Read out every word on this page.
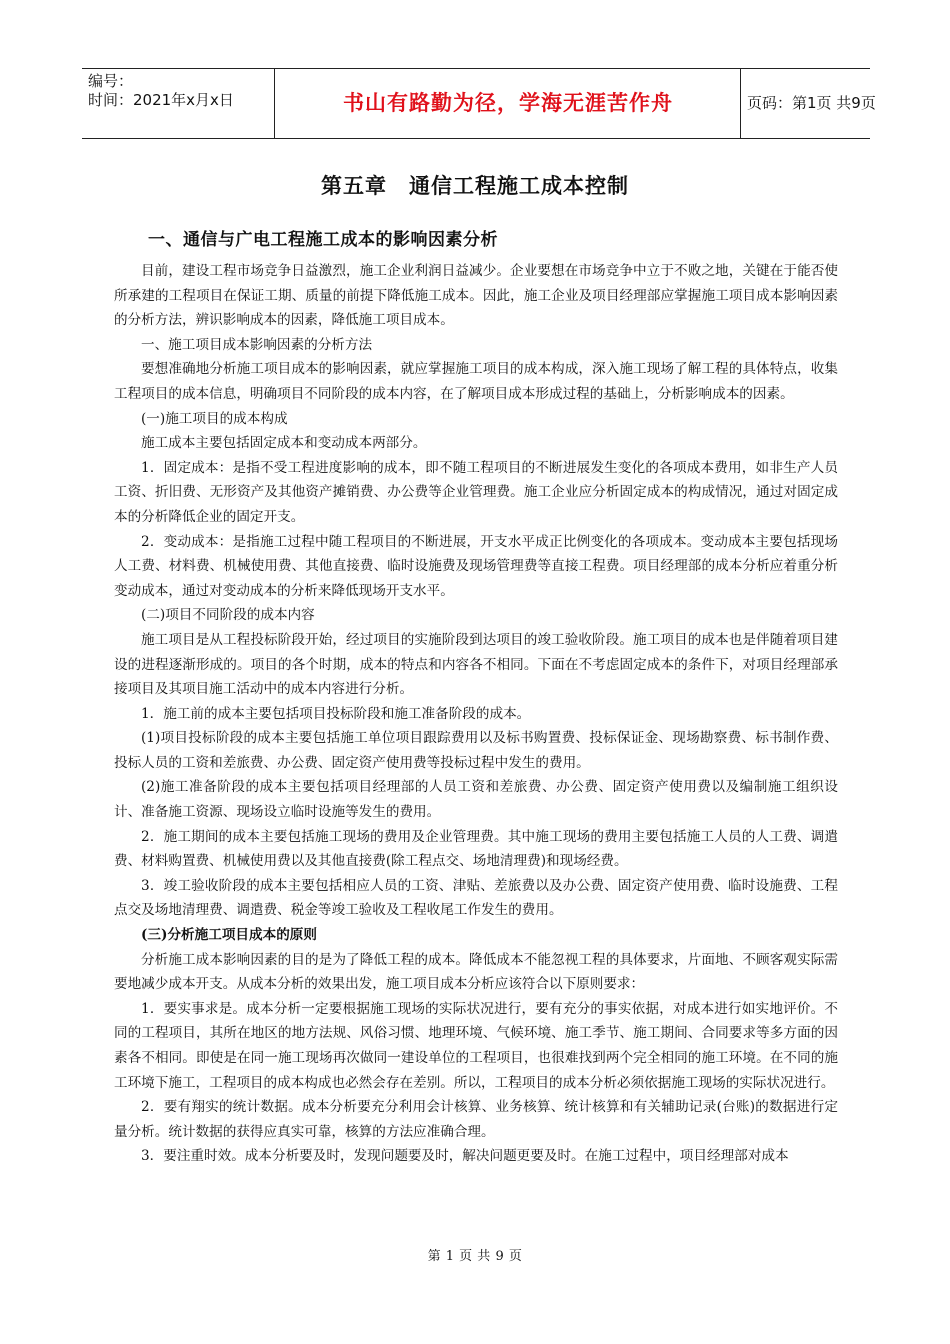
编号：
时间：2021年x月x日	书山有路勤为径，学海无涯苦作舟	页码：第1页 共9页
第五章　通信工程施工成本控制
一、通信与广电工程施工成本的影响因素分析

目前，建设工程市场竞争日益激烈，施工企业利润日益减少。企业要想在市场竞争中立于不败之地，关键在于能否使所承建的工程项目在保证工期、质量的前提下降低施工成本。因此，施工企业及项目经理部应掌握施工项目成本影响因素的分析方法，辨识影响成本的因素，降低施工项目成本。

一、施工项目成本影响因素的分析方法

要想准确地分析施工项目成本的影响因素，就应掌握施工项目的成本构成，深入施工现场了解工程的具体特点，收集工程项目的成本信息，明确项目不同阶段的成本内容，在了解项目成本形成过程的基础上，分析影响成本的因素。

(一)施工项目的成本构成

施工成本主要包括固定成本和变动成本两部分。

1．固定成本：是指不受工程进度影响的成本，即不随工程项目的不断进展发生变化的各项成本费用，如非生产人员工资、折旧费、无形资产及其他资产摊销费、办公费等企业管理费。施工企业应分析固定成本的构成情况，通过对固定成本的分析降低企业的固定开支。

2．变动成本：是指施工过程中随工程项目的不断进展，开支水平成正比例变化的各项成本。变动成本主要包括现场人工费、材料费、机械使用费、其他直接费、临时设施费及现场管理费等直接工程费。项目经理部的成本分析应着重分析变动成本，通过对变动成本的分析来降低现场开支水平。

(二)项目不同阶段的成本内容

施工项目是从工程投标阶段开始，经过项目的实施阶段到达项目的竣工验收阶段。施工项目的成本也是伴随着项目建设的进程逐渐形成的。项目的各个时期，成本的特点和内容各不相同。下面在不考虑固定成本的条件下，对项目经理部承接项目及其项目施工活动中的成本内容进行分析。

1．施工前的成本主要包括项目投标阶段和施工准备阶段的成本。

(1)项目投标阶段的成本主要包括施工单位项目跟踪费用以及标书购置费、投标保证金、现场勘察费、标书制作费、投标人员的工资和差旅费、办公费、固定资产使用费等投标过程中发生的费用。

(2)施工准备阶段的成本主要包括项目经理部的人员工资和差旅费、办公费、固定资产使用费以及编制施工组织设计、准备施工资源、现场设立临时设施等发生的费用。

2．施工期间的成本主要包括施工现场的费用及企业管理费。其中施工现场的费用主要包括施工人员的人工费、调遣费、材料购置费、机械使用费以及其他直接费(除工程点交、场地清理费)和现场经费。

3．竣工验收阶段的成本主要包括相应人员的工资、津贴、差旅费以及办公费、固定资产使用费、临时设施费、工程点交及场地清理费、调遣费、税金等竣工验收及工程收尾工作发生的费用。

(三)分析施工项目成本的原则

分析施工成本影响因素的目的是为了降低工程的成本。降低成本不能忽视工程的具体要求，片面地、不顾客观实际需要地减少成本开支。从成本分析的效果出发，施工项目成本分析应该符合以下原则要求：

1．要实事求是。成本分析一定要根据施工现场的实际状况进行，要有充分的事实依据，对成本进行如实地评价。不同的工程项目，其所在地区的地方法规、风俗习惯、地理环境、气候环境、施工季节、施工期间、合同要求等多方面的因素各不相同。即使是在同一施工现场再次做同一建设单位的工程项目，也很难找到两个完全相同的施工环境。在不同的施工环境下施工，工程项目的成本构成也必然会存在差别。所以，工程项目的成本分析必须依据施工现场的实际状况进行。

2．要有翔实的统计数据。成本分析要充分利用会计核算、业务核算、统计核算和有关辅助记录(台账)的数据进行定量分析。统计数据的获得应真实可靠，核算的方法应准确合理。

3．要注重时效。成本分析要及时，发现问题要及时，解决问题更要及时。在施工过程中，项目经理部对成本

第 1 页 共 9 页
